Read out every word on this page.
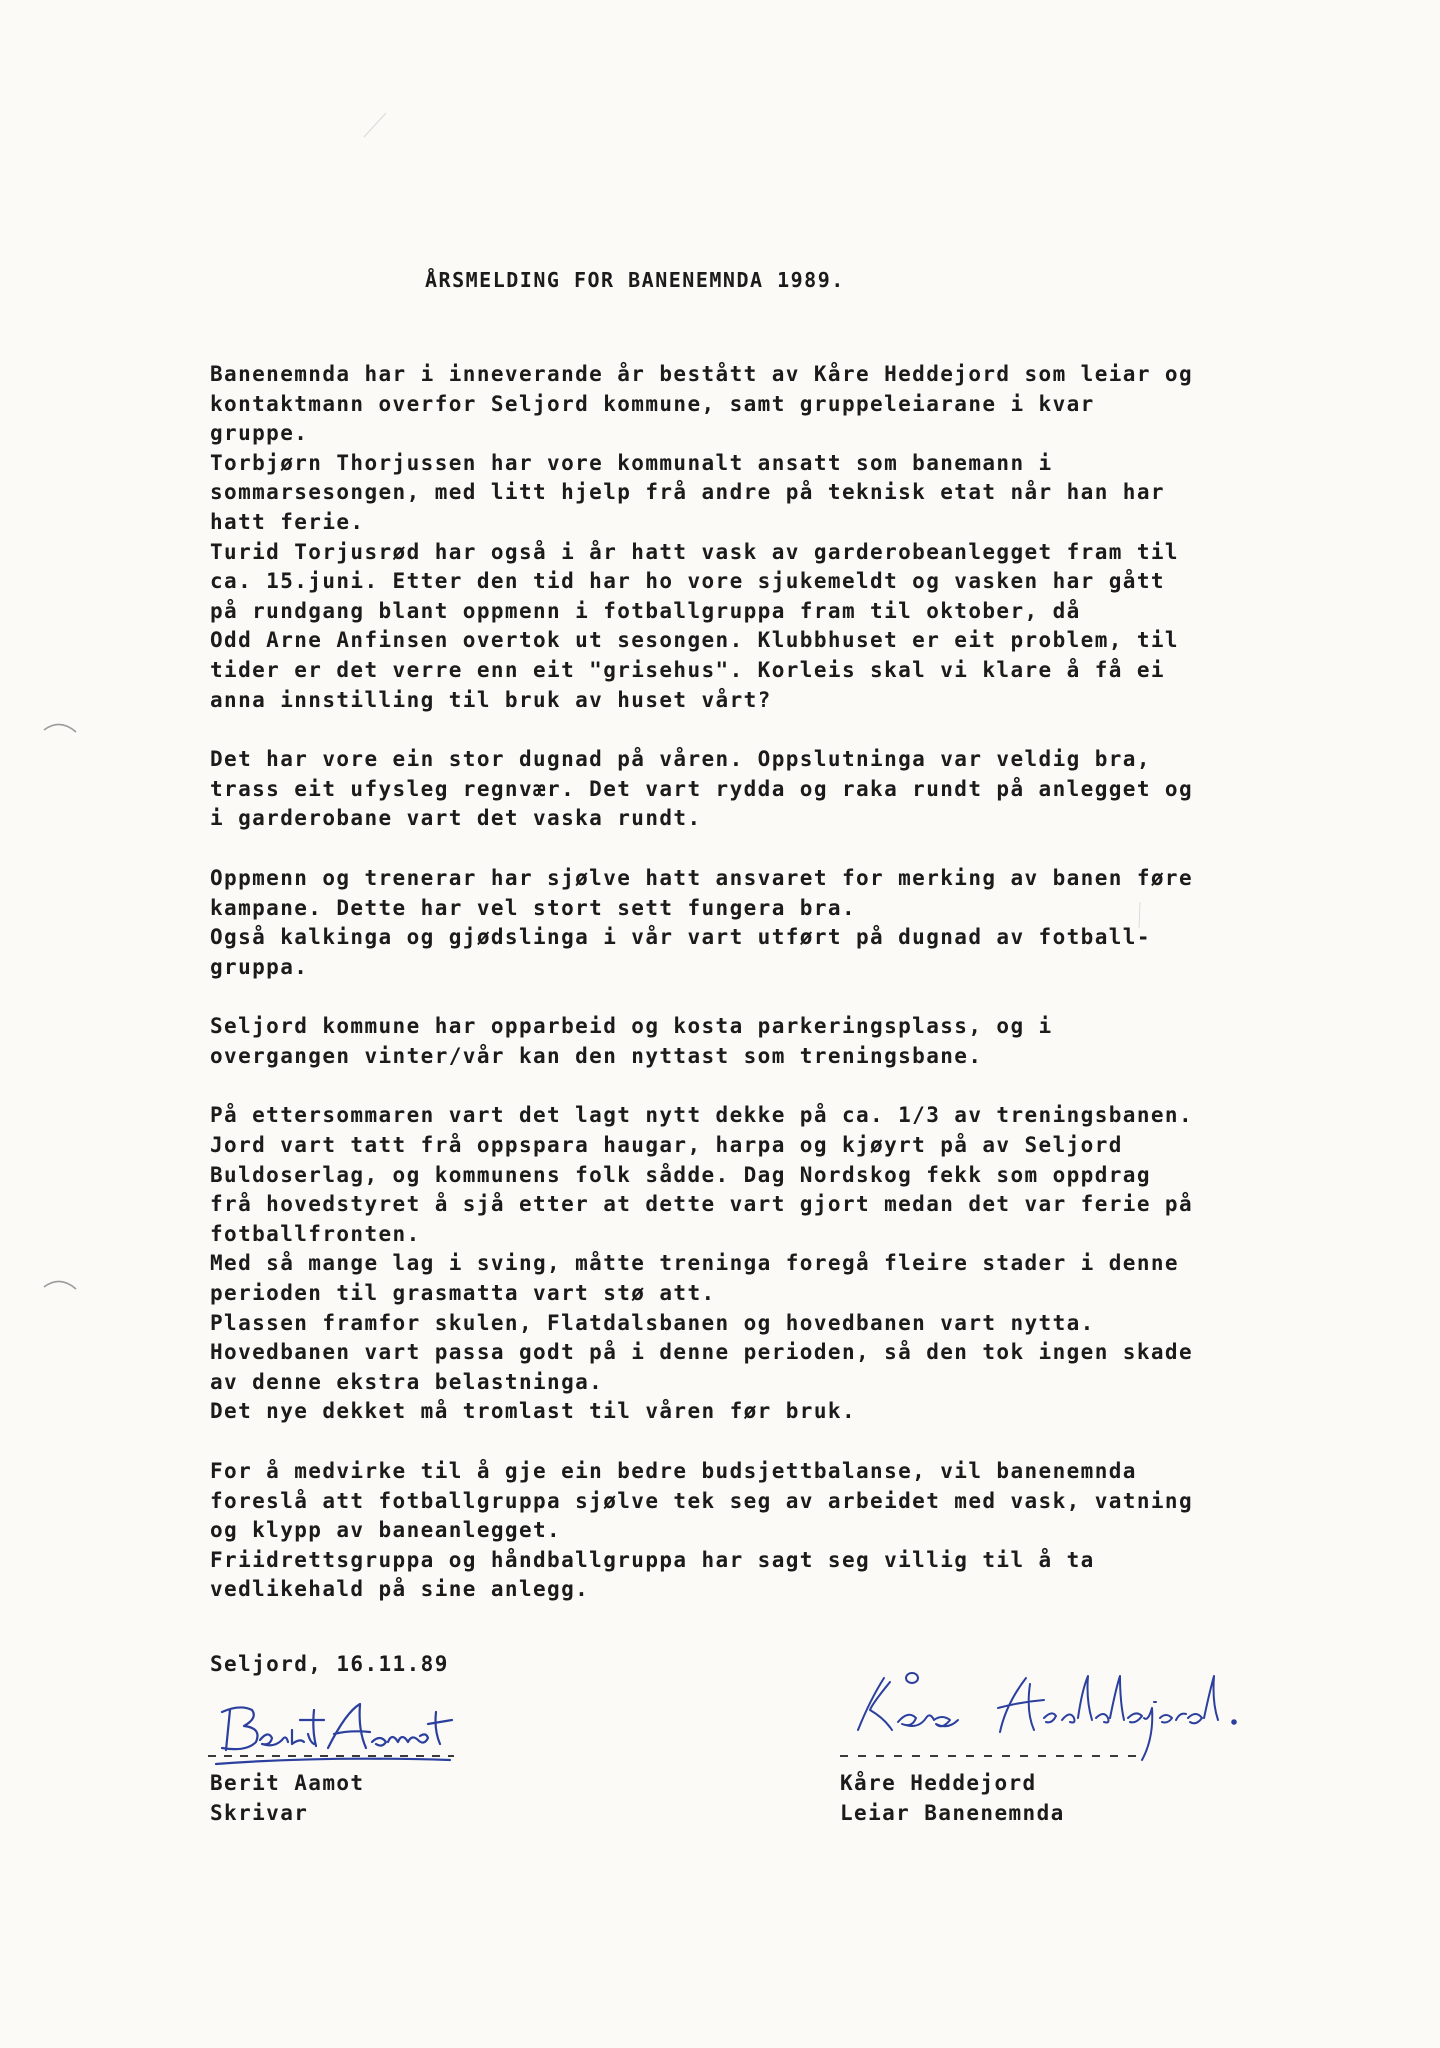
ÅRSMELDING FOR BANENEMNDA 1989.
Banenemnda har i inneverande år bestått av Kåre Heddejord som leiar og
kontaktmann overfor Seljord kommune, samt gruppeleiarane i kvar
gruppe.
Torbjørn Thorjussen har vore kommunalt ansatt som banemann i
sommarsesongen, med litt hjelp frå andre på teknisk etat når han har
hatt ferie.
Turid Torjusrød har også i år hatt vask av garderobeanlegget fram til
ca. 15.juni. Etter den tid har ho vore sjukemeldt og vasken har gått
på rundgang blant oppmenn i fotballgruppa fram til oktober, då
Odd Arne Anfinsen overtok ut sesongen. Klubbhuset er eit problem, til
tider er det verre enn eit "grisehus". Korleis skal vi klare å få ei
anna innstilling til bruk av huset vårt?
Det har vore ein stor dugnad på våren. Oppslutninga var veldig bra,
trass eit ufysleg regnvær. Det vart rydda og raka rundt på anlegget og
i garderobane vart det vaska rundt.
Oppmenn og trenerar har sjølve hatt ansvaret for merking av banen føre
kampane. Dette har vel stort sett fungera bra.
Også kalkinga og gjødslinga i vår vart utført på dugnad av fotball-
gruppa.
Seljord kommune har opparbeid og kosta parkeringsplass, og i
overgangen vinter/vår kan den nyttast som treningsbane.
På ettersommaren vart det lagt nytt dekke på ca. 1/3 av treningsbanen.
Jord vart tatt frå oppspara haugar, harpa og kjøyrt på av Seljord
Buldoserlag, og kommunens folk sådde. Dag Nordskog fekk som oppdrag
frå hovedstyret å sjå etter at dette vart gjort medan det var ferie på
fotballfronten.
Med så mange lag i sving, måtte treninga foregå fleire stader i denne
perioden til grasmatta vart stø att.
Plassen framfor skulen, Flatdalsbanen og hovedbanen vart nytta.
Hovedbanen vart passa godt på i denne perioden, så den tok ingen skade
av denne ekstra belastninga.
Det nye dekket må tromlast til våren før bruk.
For å medvirke til å gje ein bedre budsjettbalanse, vil banenemnda
foreslå att fotballgruppa sjølve tek seg av arbeidet med vask, vatning
og klypp av baneanlegget.
Friidrettsgruppa og håndballgruppa har sagt seg villig til å ta
vedlikehald på sine anlegg.
Seljord, 16.11.89
Berit Aamot
Skrivar
Kåre Heddejord
Leiar Banenemnda
